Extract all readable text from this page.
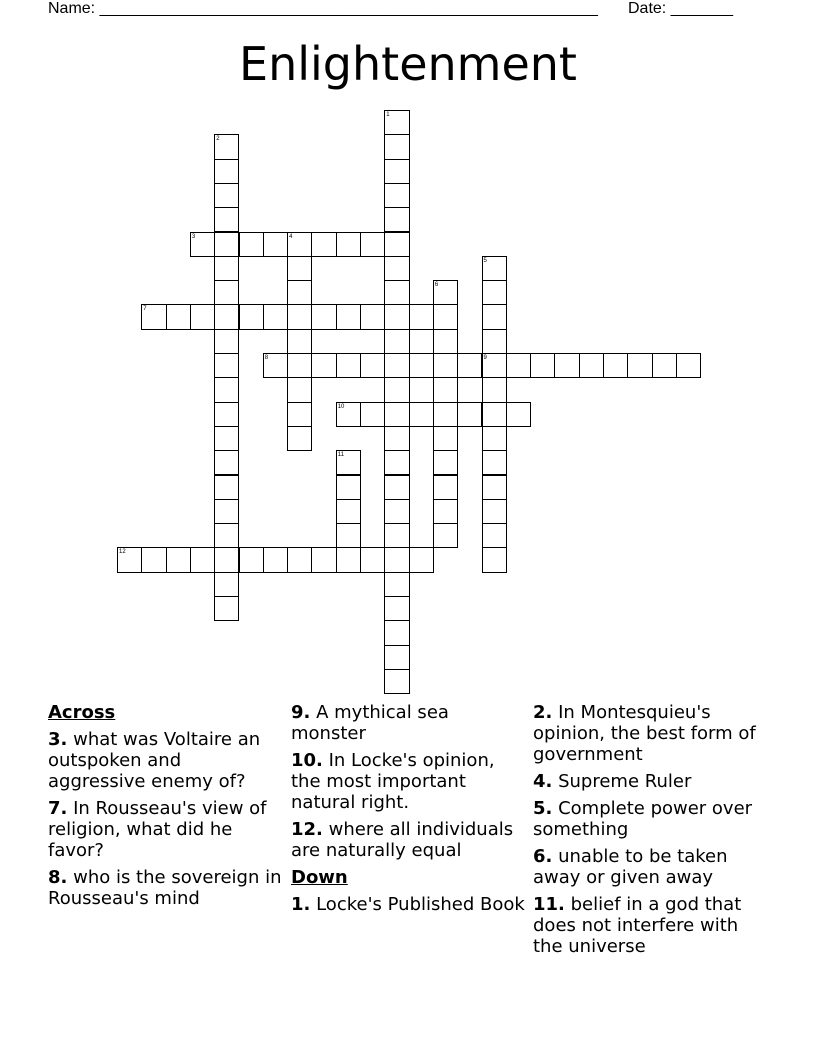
Name: ________________________________________________________ Date: _______
Enlightenment
1
2
3	4
5
9
6
7
8
10
11
12
Across
3. what was Voltaire an outspoken and aggressive enemy of?
7. In Rousseau's view of religion, what did he favor?
8. who is the sovereign in Rousseau's mind
9. A mythical sea monster
10. In Locke's opinion, the most important natural right.
12. where all individuals are naturally equal
Down
1. Locke's Published Book
2. In Montesquieu's opinion, the best form of government
4. Supreme Ruler
5. Complete power over something
6. unable to be taken away or given away
11. belief in a god that does not interfere with the universe
